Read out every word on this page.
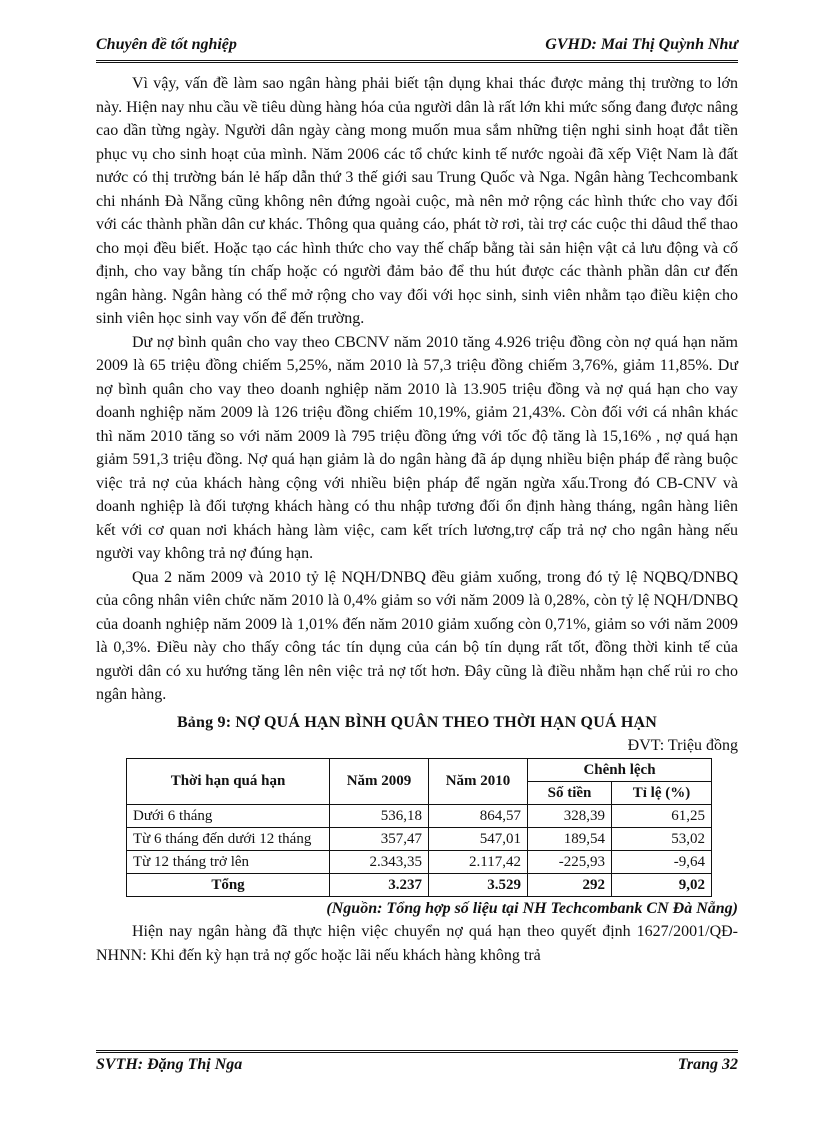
Chuyên đề tốt nghiệp	GVHD: Mai Thị Quỳnh Như

Vì vậy, vấn đề làm sao ngân hàng phải biết tận dụng khai thác được mảng thị trường to lớn này. Hiện nay nhu cầu về tiêu dùng hàng hóa của người dân là rất lớn khi mức sống đang được nâng cao dần từng ngày. Người dân ngày càng mong muốn mua sắm những tiện nghi sinh hoạt đắt tiền phục vụ cho sinh hoạt của mình. Năm 2006 các tổ chức kinh tế nước ngoài đã xếp Việt Nam là đất nước có thị trường bán lẻ hấp dẫn thứ 3 thế giới sau Trung Quốc và Nga. Ngân hàng Techcombank chi nhánh Đà Nẵng cũng không nên đứng ngoài cuộc, mà nên mở rộng các hình thức cho vay đối với các thành phần dân cư khác. Thông qua quảng cáo, phát tờ rơi, tài trợ các cuộc thi dâud thể thao cho mọi đều biết. Hoặc tạo các hình thức cho vay thế chấp bằng tài sản hiện vật cả lưu động và cố định, cho vay bằng tín chấp hoặc có người đảm bảo để thu hút được các thành phần dân cư đến ngân hàng. Ngân hàng có thể mở rộng cho vay đối với học sinh, sinh viên nhằm tạo điều kiện cho sinh viên học sinh vay vốn để đến trường.

Dư nợ bình quân cho vay theo CBCNV năm 2010 tăng 4.926 triệu đồng còn nợ quá hạn năm 2009 là 65 triệu đồng chiếm 5,25%, năm 2010 là 57,3 triệu đồng chiếm 3,76%, giảm 11,85%. Dư nợ bình quân cho vay theo doanh nghiệp năm 2010 là 13.905 triệu đồng và nợ quá hạn cho vay doanh nghiệp năm 2009 là 126 triệu đồng chiếm 10,19%, giảm 21,43%. Còn đối với cá nhân khác thì năm 2010 tăng so với năm 2009 là 795 triệu đồng ứng với tốc độ tăng là 15,16% , nợ quá hạn giảm 591,3 triệu đồng. Nợ quá hạn giảm là do ngân hàng đã áp dụng nhiều biện pháp để ràng buộc việc trả nợ của khách hàng cộng với nhiều biện pháp để ngăn ngừa xấu.Trong đó CB-CNV và doanh nghiệp là đối tượng khách hàng có thu nhập tương đối ổn định hàng tháng, ngân hàng liên kết với cơ quan nơi khách hàng làm việc, cam kết trích lương,trợ cấp trả nợ cho ngân hàng nếu người vay không trả nợ đúng hạn.

Qua 2 năm 2009 và 2010 tỷ lệ NQH/DNBQ đều giảm xuống, trong đó tỷ lệ NQBQ/DNBQ của công nhân viên chức năm 2010 là 0,4% giảm so với năm 2009 là 0,28%, còn tỷ lệ NQH/DNBQ của doanh nghiệp năm 2009 là 1,01% đến năm 2010 giảm xuống còn 0,71%, giảm so với năm 2009 là 0,3%. Điều này cho thấy công tác tín dụng của cán bộ tín dụng rất tốt, đồng thời kinh tế của người dân có xu hướng tăng lên nên việc trả nợ tốt hơn. Đây cũng là điều nhằm hạn chế rủi ro cho ngân hàng.

Bảng 9: NỢ QUÁ HẠN BÌNH QUÂN THEO THỜI HẠN QUÁ HẠN
ĐVT: Triệu đồng
Thời hạn quá hạn	Năm 2009	Năm 2010	Chênh lệch	
			Số tiền	Tỉ lệ (%)
Dưới 6 tháng	536,18	864,57	328,39	61,25
Từ 6 tháng đến dưới 12 tháng	357,47	547,01	189,54	53,02
Từ 12 tháng trở lên	2.343,35	2.117,42	-225,93	-9,64
Tổng	3.237	3.529	292	9,02
(Nguồn: Tổng hợp số liệu tại NH Techcombank CN Đà Nẵng)

Hiện nay ngân hàng đã thực hiện việc chuyển nợ quá hạn theo quyết định 1627/2001/QĐ-NHNN: Khi đến kỳ hạn trả nợ gốc hoặc lãi nếu khách hàng không trả

SVTH: Đặng Thị Nga	Trang 32
